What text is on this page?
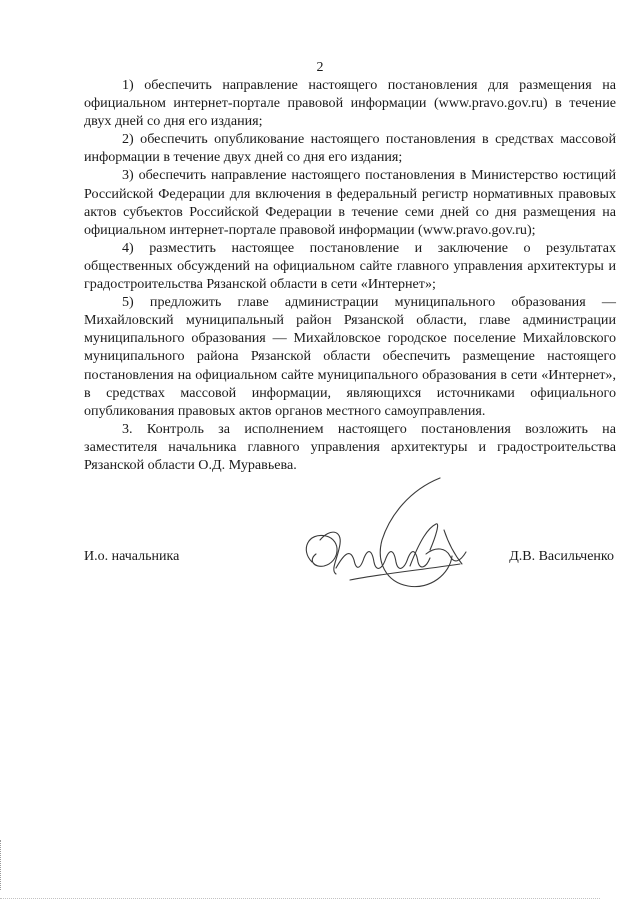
2

1) обеспечить направление настоящего постановления для размещения на официальном интернет-портале правовой информации (www.pravo.gov.ru) в течение двух дней со дня его издания;

2) обеспечить опубликование настоящего постановления в средствах массовой информации в течение двух дней со дня его издания;

3) обеспечить направление настоящего постановления в Министерство юстиций Российской Федерации для включения в федеральный регистр нормативных правовых актов субъектов Российской Федерации в течение семи дней со дня размещения на официальном интернет-портале правовой информации (www.pravo.gov.ru);

4) разместить настоящее постановление и заключение о результатах общественных обсуждений на официальном сайте главного управления архитектуры и градостроительства Рязанской области в сети «Интернет»;

5) предложить главе администрации муниципального образования — Михайловский муниципальный район Рязанской области, главе администрации муниципального образования — Михайловское городское поселение Михайловского муниципального района Рязанской области обеспечить размещение настоящего постановления на официальном сайте муниципального образования в сети «Интернет», в средствах массовой информации, являющихся источниками официального опубликования правовых актов органов местного самоуправления.

3. Контроль за исполнением настоящего постановления возложить на заместителя начальника главного управления архитектуры и градостроительства Рязанской области О.Д. Муравьева.

И.о. начальника	Д.В. Васильченко
